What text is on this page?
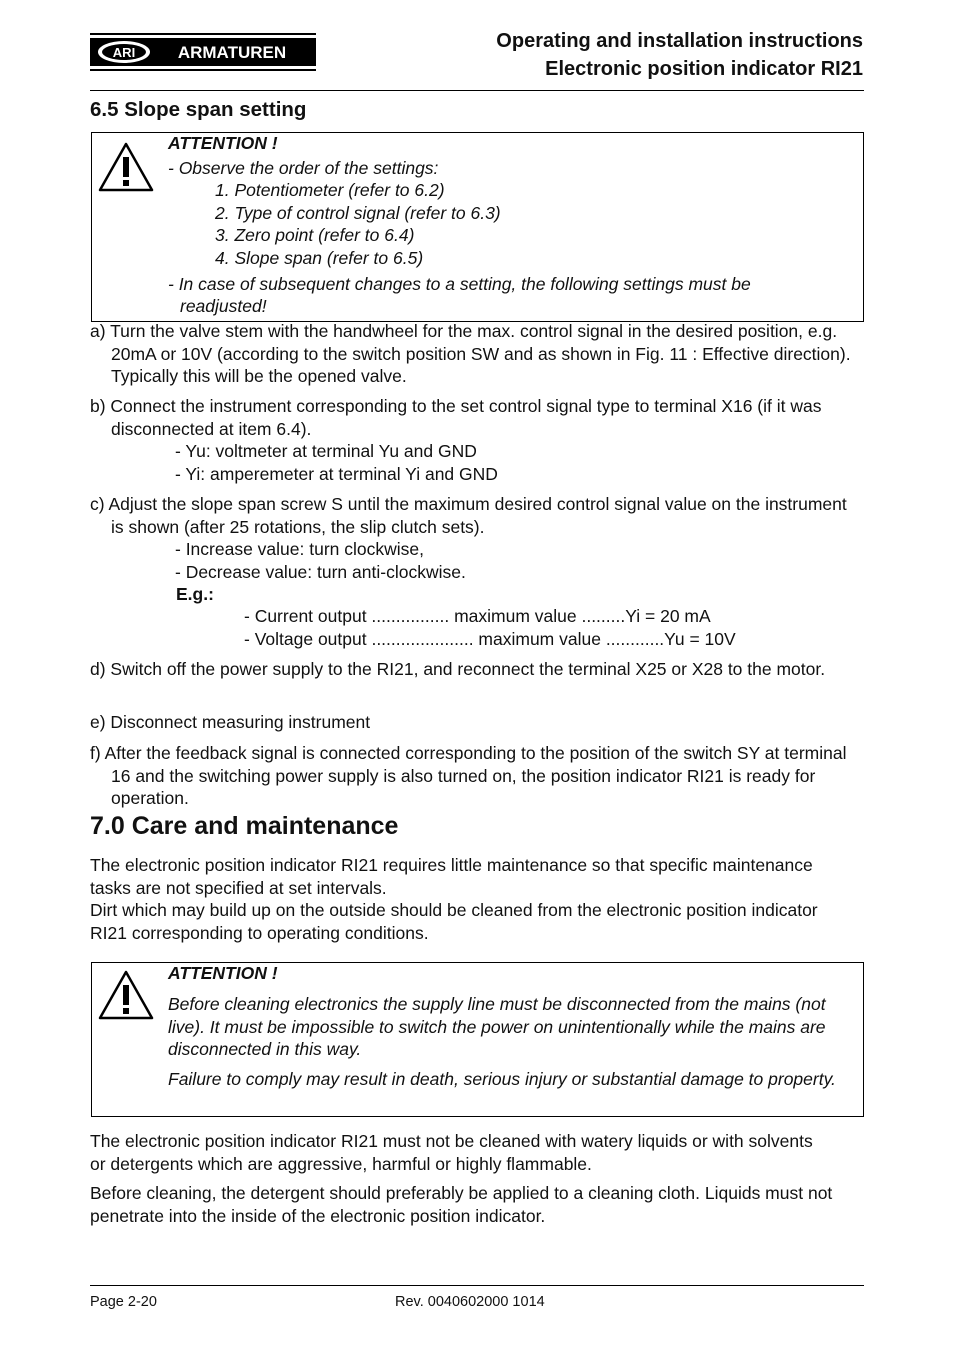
ARI	ARMATUREN
Operating and installation instructions
Electronic position indicator RI21
6.5 Slope span setting
ATTENTION !
- Observe the order of the settings:
1. Potentiometer (refer to 6.2)
2. Type of control signal (refer to 6.3)
3. Zero point (refer to 6.4)
4. Slope span (refer to 6.5)
- In case of subsequent changes to a setting, the following settings must be
readjusted!
a) Turn the valve stem with the handwheel for the max. control signal in the desired position, e.g. 20mA or 10V (according to the switch position SW and as shown in Fig. 11 : Effective direction). Typically this will be the opened valve.
b) Connect the instrument corresponding to the set control signal type to terminal X16 (if it was disconnected at item 6.4).
- Yu: voltmeter at terminal Yu and GND
- Yi: amperemeter at terminal Yi and GND
c) Adjust the slope span screw S until the maximum desired control signal value on the instrument is shown (after 25 rotations, the slip clutch sets).
- Increase value: turn clockwise,
- Decrease value: turn anti-clockwise.
E.g.:
- Current output ................ maximum value .........Yi = 20 mA
- Voltage output ..................... maximum value ............Yu = 10V
d) Switch off the power supply to the RI21, and reconnect the terminal X25 or X28 to the motor.
e) Disconnect measuring instrument
f) After the feedback signal is connected corresponding to the position of the switch SY at terminal 16 and the switching power supply is also turned on, the position indicator RI21 is ready for operation.
7.0 Care and maintenance
The electronic position indicator RI21 requires little maintenance so that specific maintenance tasks are not specified at set intervals.
Dirt which may build up on the outside should be cleaned from the electronic position indicator RI21 corresponding to operating conditions.
ATTENTION !
Before cleaning electronics the supply line must be disconnected from the mains (not live). It must be impossible to switch the power on unintentionally while the mains are disconnected in this way.
Failure to comply may result in death, serious injury or substantial damage to property.
The electronic position indicator RI21 must not be cleaned with watery liquids or with solvents or detergents which are aggressive, harmful or highly flammable.
Before cleaning, the detergent should preferably be applied to a cleaning cloth. Liquids must not penetrate into the inside of the electronic position indicator.
Page 2-20	Rev. 0040602000 1014
